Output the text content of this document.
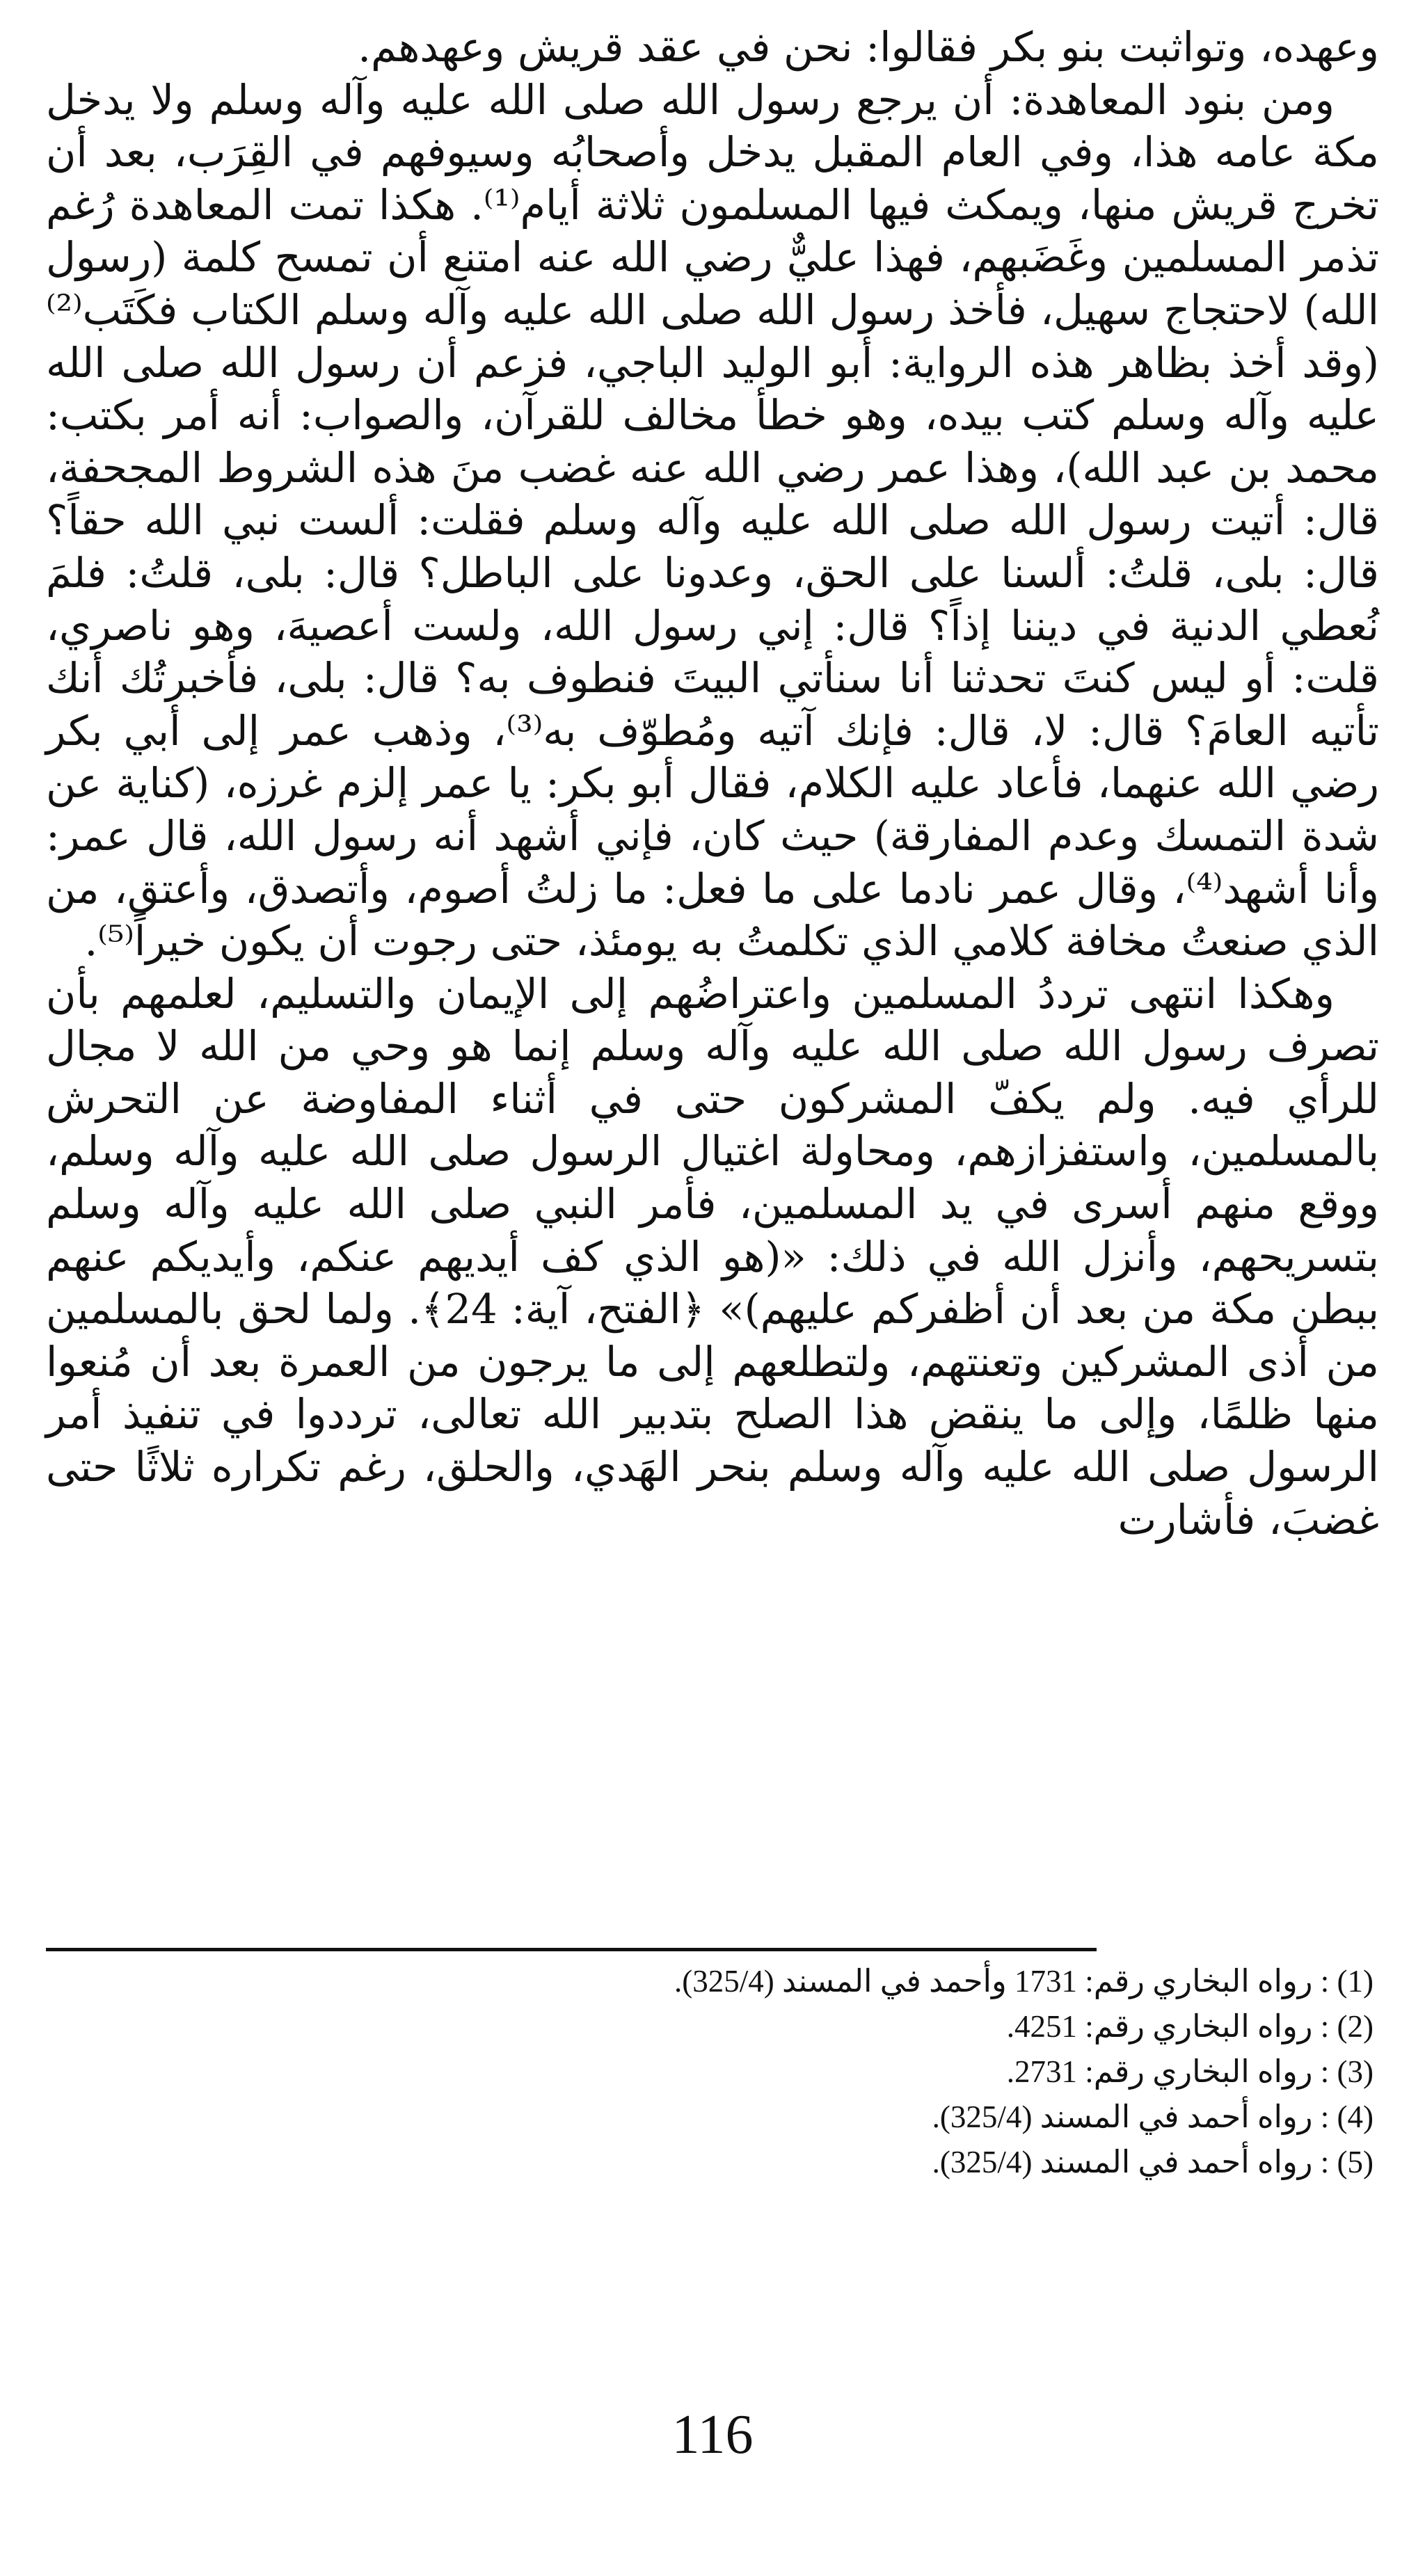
وعهده، وتواثبت بنو بكر فقالوا: نحن في عقد قريش وعهدهم.

ومن بنود المعاهدة: أن يرجع رسول الله صلى الله عليه وآله وسلم ولا يدخل مكة عامه هذا، وفي العام المقبل يدخل وأصحابُه وسيوفهم في القِرَب، بعد أن تخرج قريش منها، ويمكث فيها المسلمون ثلاثة أيام⁽¹⁾. هكذا تمت المعاهدة رُغم تذمر المسلمين وغَضَبهم، فهذا عليٌّ رضي الله عنه امتنع أن تمسح كلمة (رسول الله) لاحتجاج سهيل، فأخذ رسول الله صلى الله عليه وآله وسلم الكتاب فكَتَب⁽²⁾ (وقد أخذ بظاهر هذه الرواية: أبو الوليد الباجي، فزعم أن رسول الله صلى الله عليه وآله وسلم كتب بيده، وهو خطأ مخالف للقرآن، والصواب: أنه أمر بكتب: محمد بن عبد الله)، وهذا عمر رضي الله عنه غضب منَ هذه الشروط المجحفة، قال: أتيت رسول الله صلى الله عليه وآله وسلم فقلت: ألست نبي الله حقاً؟ قال: بلى، قلتُ: ألسنا على الحق، وعدونا على الباطل؟ قال: بلى، قلتُ: فلمَ نُعطي الدنية في ديننا إذاً؟ قال: إني رسول الله، ولست أعصيهَ، وهو ناصري، قلت: أو ليس كنتَ تحدثنا أنا سنأتي البيتَ فنطوف به؟ قال: بلى، فأخبرتُك أنك تأتيه العامَ؟ قال: لا، قال: فإنك آتيه ومُطوّف به⁽³⁾، وذهب عمر إلى أبي بكر رضي الله عنهما، فأعاد عليه الكلام، فقال أبو بكر: يا عمر إلزم غرزه، (كناية عن شدة التمسك وعدم المفارقة) حيث كان، فإني أشهد أنه رسول الله، قال عمر: وأنا أشهد⁽⁴⁾، وقال عمر نادما على ما فعل: ما زلتُ أصوم، وأتصدق، وأعتق، من الذي صنعتُ مخافة كلامي الذي تكلمتُ به يومئذ، حتى رجوت أن يكون خيراً⁽⁵⁾.

وهكذا انتهى ترددُ المسلمين واعتراضُهم إلى الإيمان والتسليم، لعلمهم بأن تصرف رسول الله صلى الله عليه وآله وسلم إنما هو وحي من الله لا مجال للرأي فيه. ولم يكفّ المشركون حتى في أثناء المفاوضة عن التحرش بالمسلمين، واستفزازهم، ومحاولة اغتيال الرسول صلى الله عليه وآله وسلم، ووقع منهم أسرى في يد المسلمين، فأمر النبي صلى الله عليه وآله وسلم بتسريحهم، وأنزل الله في ذلك: «(هو الذي كف أيديهم عنكم، وأيديكم عنهم ببطن مكة من بعد أن أظفركم عليهم)» ﴿الفتح، آية: 24﴾. ولما لحق بالمسلمين من أذى المشركين وتعنتهم، ولتطلعهم إلى ما يرجون من العمرة بعد أن مُنعوا منها ظلمًا، وإلى ما ينقض هذا الصلح بتدبير الله تعالى، ترددوا في تنفيذ أمر الرسول صلى الله عليه وآله وسلم بنحر الهَدي، والحلق، رغم تكراره ثلاثًا حتى غضبَ، فأشارت

(1) : رواه البخاري رقم: 1731 وأحمد في المسند (325/4).

(2) : رواه البخاري رقم: 4251.

(3) : رواه البخاري رقم: 2731.

(4) : رواه أحمد في المسند (325/4).

(5) : رواه أحمد في المسند (325/4).

116
